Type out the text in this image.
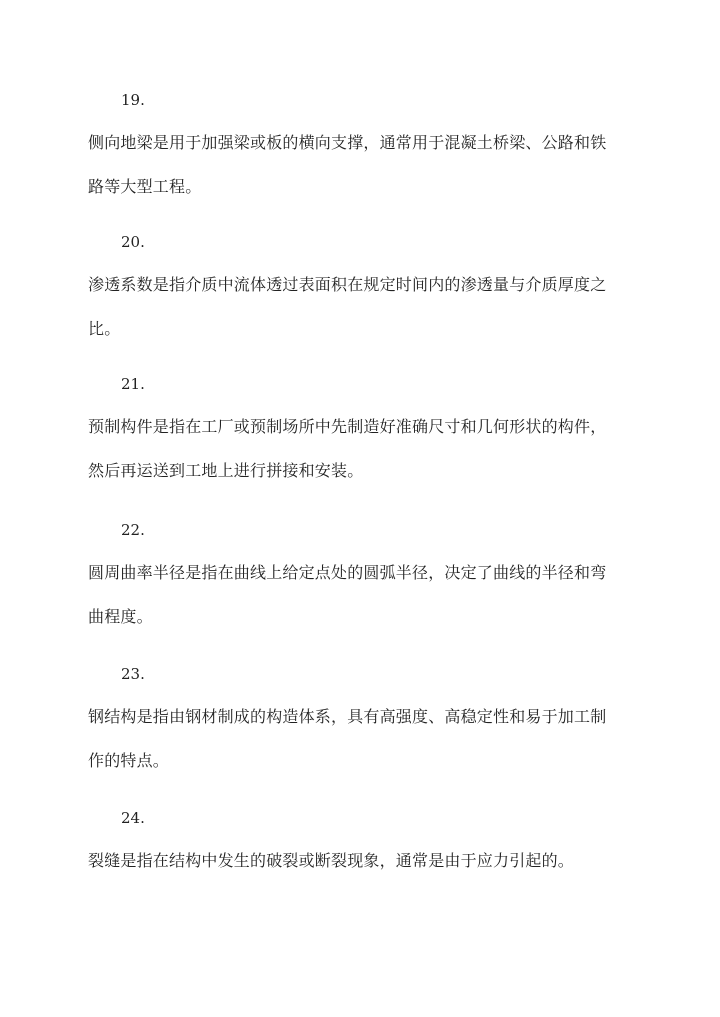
19.
侧向地梁是用于加强梁或板的横向支撑，通常用于混凝土桥梁、公路和铁
路等大型工程。
20.
渗透系数是指介质中流体透过表面积在规定时间内的渗透量与介质厚度之
比。
21.
预制构件是指在工厂或预制场所中先制造好准确尺寸和几何形状的构件，
然后再运送到工地上进行拼接和安装。
22.
圆周曲率半径是指在曲线上给定点处的圆弧半径，决定了曲线的半径和弯
曲程度。
23.
钢结构是指由钢材制成的构造体系，具有高强度、高稳定性和易于加工制
作的特点。
24.
裂缝是指在结构中发生的破裂或断裂现象，通常是由于应力引起的。
